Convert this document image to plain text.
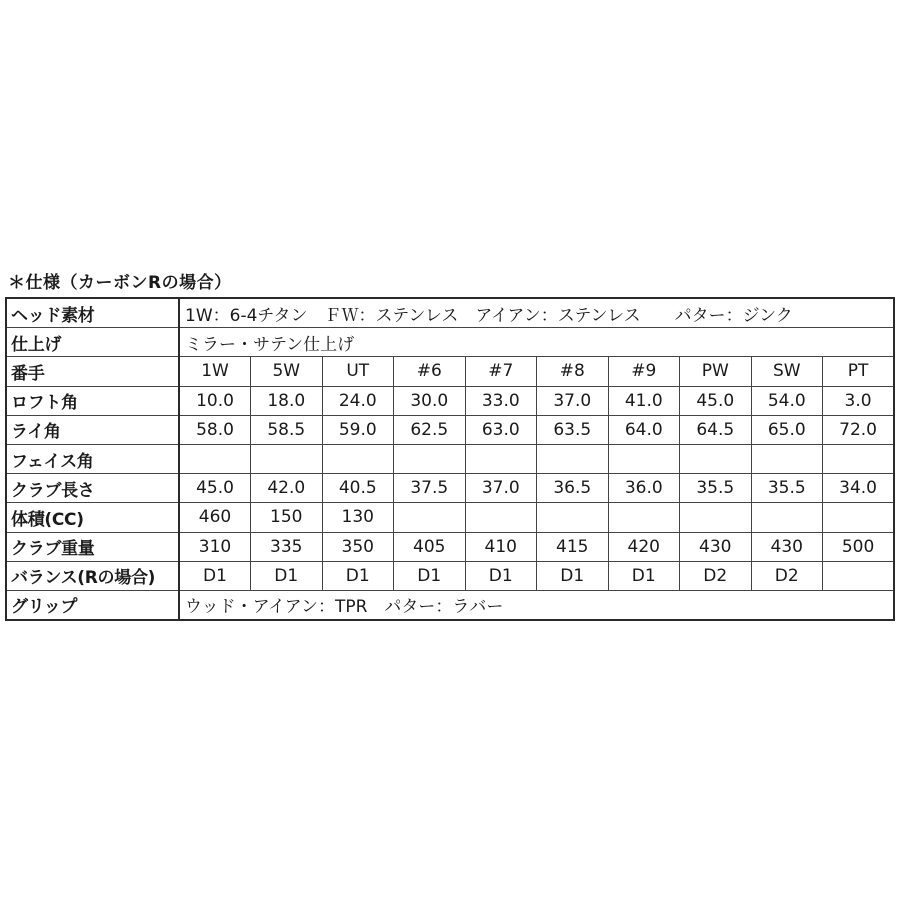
＊仕様（カーボンRの場合）
ヘッド素材	1W：6-4チタン　ＦＷ：ステンレス　アイアン：ステンレス　　パター：ジンク									
仕上げ	ミラー・サテン仕上げ									
番手	1W	5W	UT	#6	#7	#8	#9	PW	SW	PT
ロフト角	10.0	18.0	24.0	30.0	33.0	37.0	41.0	45.0	54.0	3.0
ライ角	58.0	58.5	59.0	62.5	63.0	63.5	64.0	64.5	65.0	72.0
フェイス角										
クラブ長さ	45.0	42.0	40.5	37.5	37.0	36.5	36.0	35.5	35.5	34.0
体積(CC)	460	150	130							
クラブ重量	310	335	350	405	410	415	420	430	430	500
バランス(Rの場合)	D1	D1	D1	D1	D1	D1	D1	D2	D2	
グリップ	ウッド・アイアン：TPR　パター：ラバー									
